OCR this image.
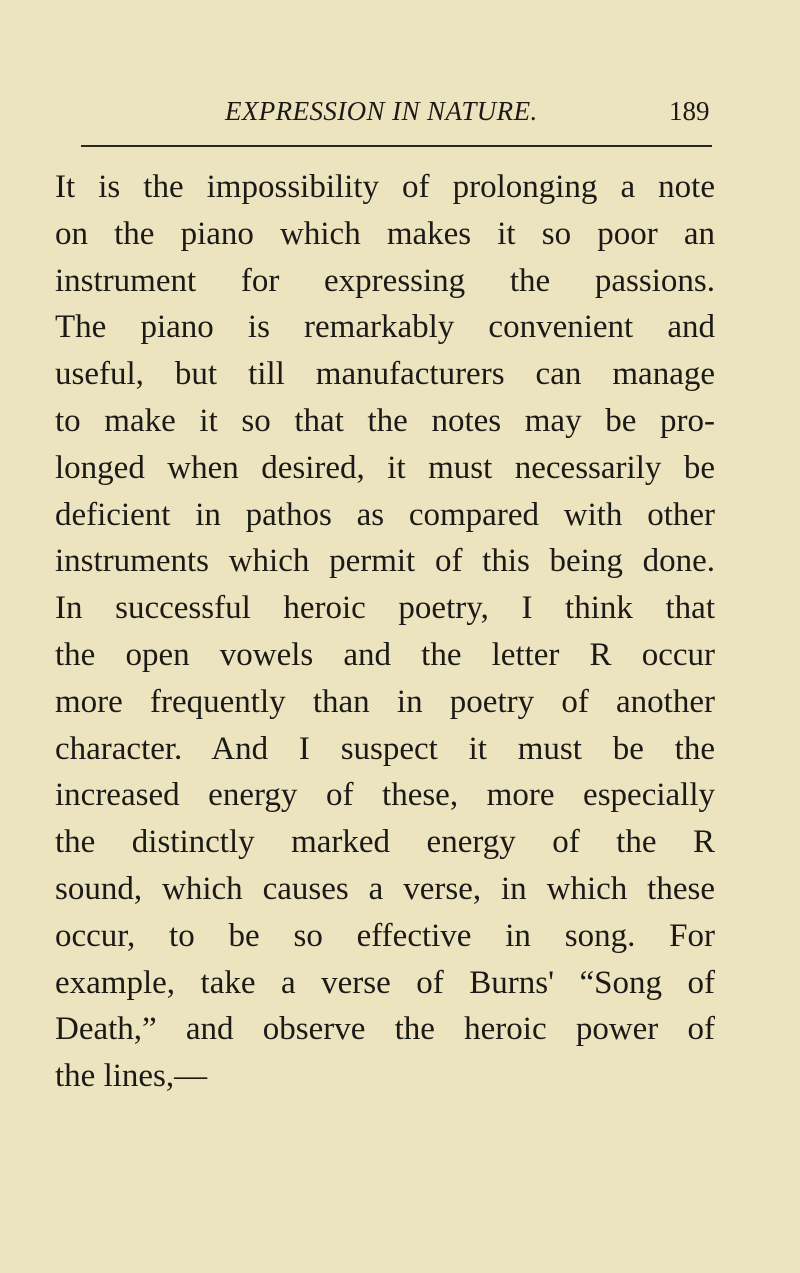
EXPRESSION IN NATURE.	189
It is the impossibility of prolonging a note
on the piano which makes it so poor an
instrument for expressing the passions.
The piano is remarkably convenient and
useful, but till manufacturers can manage
to make it so that the notes may be pro-
longed when desired, it must necessarily be
deficient in pathos as compared with other
instruments which permit of this being done.
In successful heroic poetry, I think that
the open vowels and the letter R occur
more frequently than in poetry of another
character. And I suspect it must be the
increased energy of these, more especially
the distinctly marked energy of the R
sound, which causes a verse, in which these
occur, to be so effective in song. For
example, take a verse of Burns' “Song of
Death,” and observe the heroic power of
the lines,—
